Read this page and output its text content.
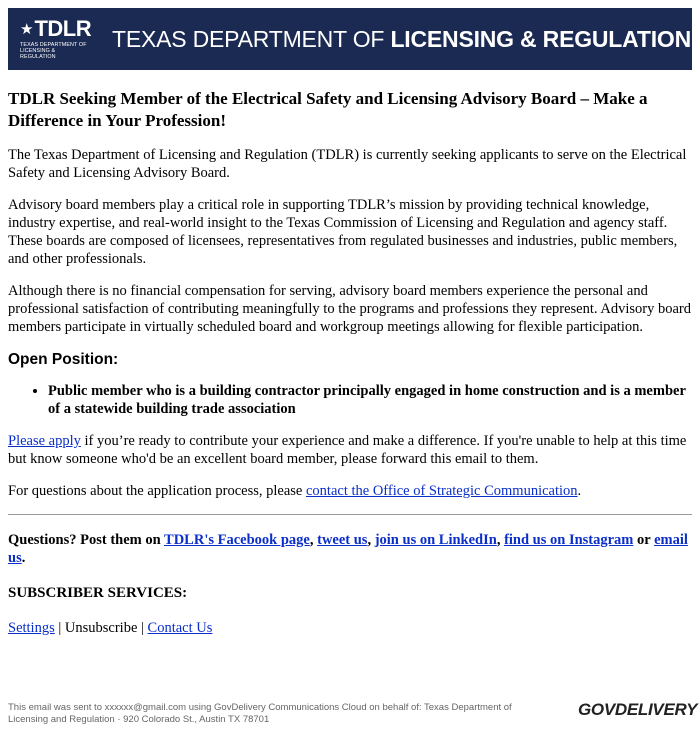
★ TDLR
TEXAS DEPARTMENT OF
LICENSING & REGULATION
TEXAS DEPARTMENT OF LICENSING & REGULATION
TDLR Seeking Member of the Electrical Safety and Licensing Advisory Board – Make a Difference in Your Profession!

The Texas Department of Licensing and Regulation (TDLR) is currently seeking applicants to serve on the Electrical Safety and Licensing Advisory Board.

Advisory board members play a critical role in supporting TDLR’s mission by providing technical knowledge, industry expertise, and real-world insight to the Texas Commission of Licensing and Regulation and agency staff. These boards are composed of licensees, representatives from regulated businesses and industries, public members, and other professionals.

Although there is no financial compensation for serving, advisory board members experience the personal and professional satisfaction of contributing meaningfully to the programs and professions they represent. Advisory board members participate in virtually scheduled board and workgroup meetings allowing for flexible participation.

Open Position:
• Public member who is a building contractor principally engaged in home construction and is a member of a statewide building trade association

Please apply if you’re ready to contribute your experience and make a difference. If you're unable to help at this time but know someone who'd be an excellent board member, please forward this email to them.

For questions about the application process, please contact the Office of Strategic Communication.

Questions? Post them on TDLR's Facebook page, tweet us, join us on LinkedIn, find us on Instagram or email us.

SUBSCRIBER SERVICES:

Settings | Unsubscribe | Contact Us

This email was sent to xxxxxx@gmail.com using GovDelivery Communications Cloud on behalf of: Texas Department of Licensing and Regulation · 920 Colorado St., Austin TX 78701
GOVDELIVERY
